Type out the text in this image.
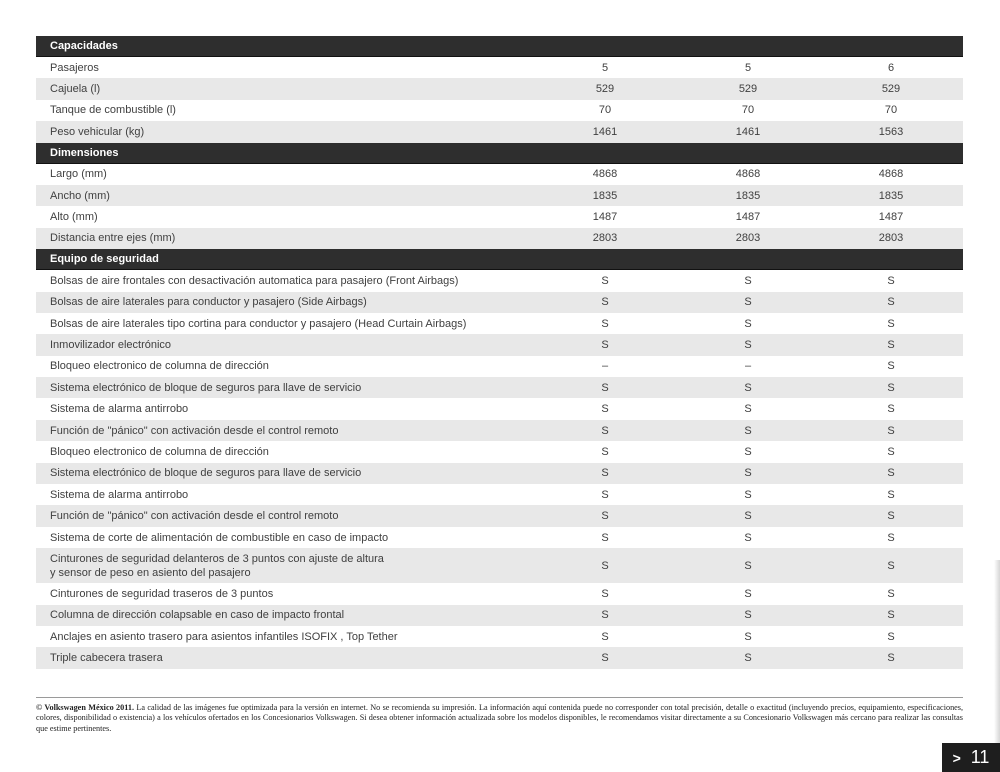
Capacidades
Pasajeros	5	5	6
Cajuela (l)	529	529	529
Tanque de combustible (l)	70	70	70
Peso vehicular (kg)	1461	1461	1563
Dimensiones
Largo (mm)	4868	4868	4868
Ancho (mm)	1835	1835	1835
Alto (mm)	1487	1487	1487
Distancia entre ejes (mm)	2803	2803	2803
Equipo de seguridad
Bolsas de aire frontales con desactivación automatica para pasajero (Front Airbags)	S	S	S
Bolsas de aire laterales para conductor y pasajero (Side Airbags)	S	S	S
Bolsas de aire laterales tipo cortina para conductor y pasajero (Head Curtain Airbags)	S	S	S
Inmovilizador electrónico	S	S	S
Bloqueo electronico de columna de dirección	–	–	S
Sistema electrónico de bloque de seguros para llave de servicio	S	S	S
Sistema de alarma antirrobo	S	S	S
Función de "pánico" con activación desde el control remoto	S	S	S
Bloqueo electronico de columna de dirección	S	S	S
Sistema electrónico de bloque de seguros para llave de servicio	S	S	S
Sistema de alarma antirrobo	S	S	S
Función de "pánico" con activación desde el control remoto	S	S	S
Sistema de corte de alimentación de combustible en caso de impacto	S	S	S
Cinturones de seguridad delanteros de 3 puntos con ajuste de altura
y sensor de peso en asiento del pasajero
S	S	S
Cinturones de seguridad traseros de 3 puntos	S	S	S
Columna de dirección colapsable en caso de impacto frontal	S	S	S
Anclajes en asiento trasero para asientos infantiles ISOFIX , Top Tether	S	S	S
Triple cabecera trasera	S	S	S
© Volkswagen México 2011. La calidad de las imágenes fue optimizada para la versión en internet. No se recomienda su impresión. La información aquí contenida puede no corresponder con total precisión, detalle o exactitud (incluyendo precios, equipamiento, especificaciones, colores, disponibilidad o existencia) a los vehículos ofertados en los Concesionarios Volkswagen. Si desea obtener información actualizada sobre los modelos disponibles, le recomendamos visitar directamente a su Concesionario Volkswagen más cercano para realizar las consultas que estime pertinentes.
> 11
